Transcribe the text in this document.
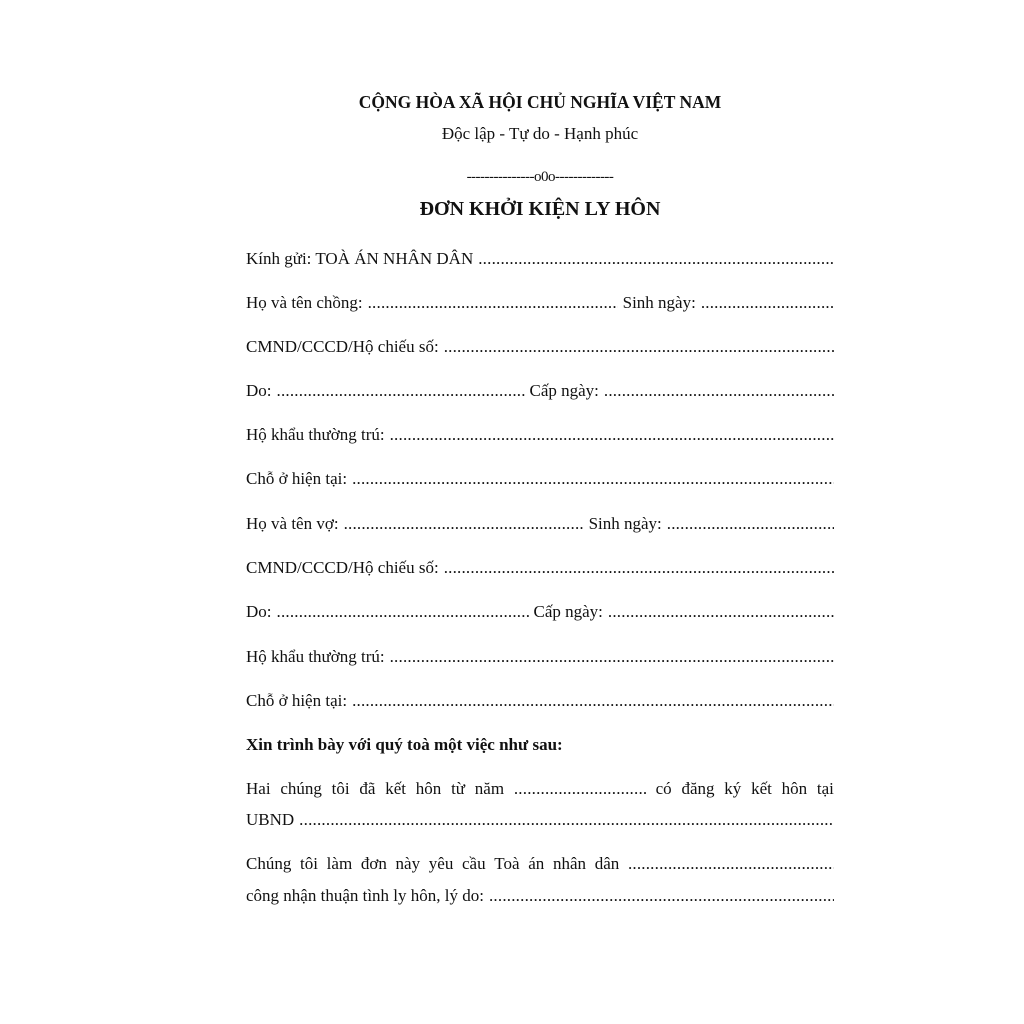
CỘNG HÒA XÃ HỘI CHỦ NGHĨA VIỆT NAM
Độc lập - Tự do - Hạnh phúc
---------------o0o-------------
ĐƠN KHỞI KIỆN LY HÔN
Kính gửi: TOÀ ÁN NHÂN DÂN
.....
Họ và tên chồng: .....	Sinh ngày:
.....
CMND/CCCD/Hộ chiếu số:
.....
Do: .....	Cấp ngày:
.....
Hộ khẩu thường trú:
.....
Chỗ ở hiện tại:
.....
Họ và tên vợ: .....	Sinh ngày:
.....
CMND/CCCD/Hộ chiếu số:
.....
Do: .....	Cấp ngày:
.....
Hộ khẩu thường trú:
.....
Chỗ ở hiện tại:
.....
Xin trình bày với quý toà một việc như sau:
Hai chúng tôi đã kết hôn từ năm .....	có đăng ký kết hôn tại
UBND
.....
Chúng tôi làm đơn này yêu cầu Toà án nhân dân
.....
công nhận thuận tình ly hôn, lý do:
.....
